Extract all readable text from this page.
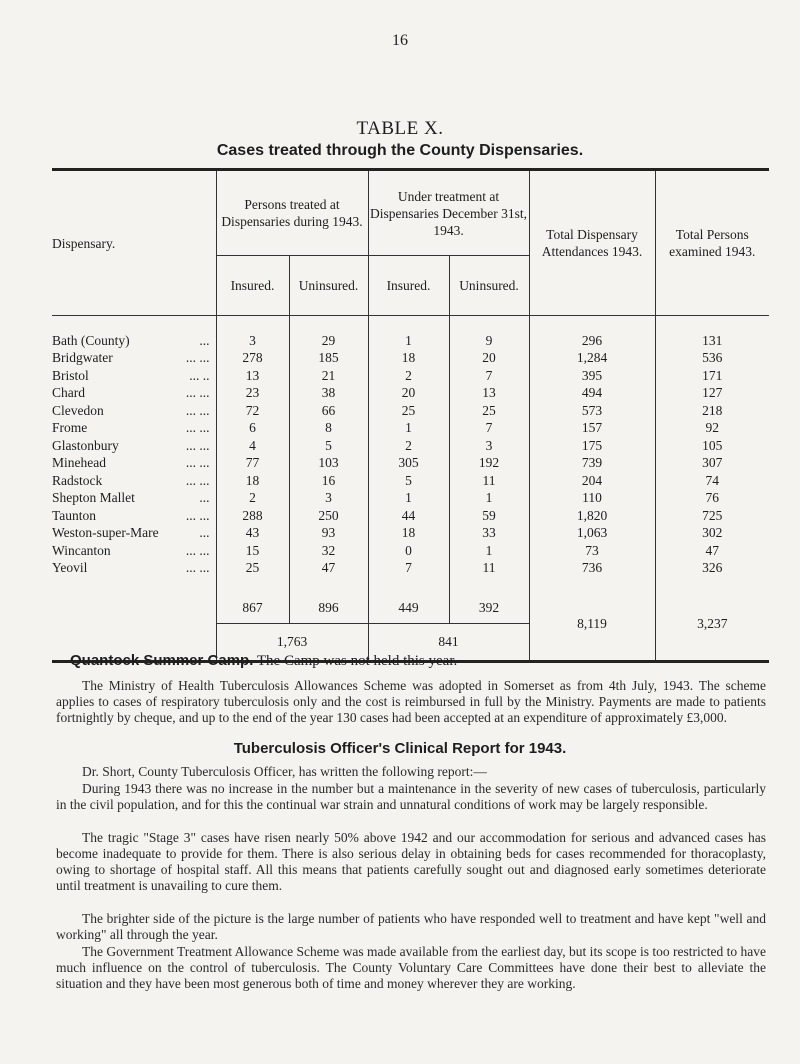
16
TABLE X.
Cases treated through the County Dispensaries.
Dispensary.	Persons treated at Dispensaries during 1943.		Under treatment at Dispensaries December 31st, 1943.		Total Dispensary Attendances 1943.	Total Persons examined 1943.
	Insured.	Uninsured.	Insured.	Uninsured.		
Bath (County) ...	3	29	1	9	296	131
Bridgwater ... ...	278	185	18	20	1,284	536
Bristol ... ..	13	21	2	7	395	171
Chard ... ...	23	38	20	13	494	127
Clevedon ... ...	72	66	25	25	573	218
Frome ... ...	6	8	1	7	157	92
Glastonbury ... ...	4	5	2	3	175	105
Minehead ... ...	77	103	305	192	739	307
Radstock ... ...	18	16	5	11	204	74
Shepton Mallet ...	2	3	1	1	110	76
Taunton ... ...	288	250	44	59	1,820	725
Weston-super-Mare ...	43	93	18	33	1,063	302
Wincanton ... ...	15	32	0	1	73	47
Yeovil ... ...	25	47	7	11	736	326
	867	896	449	392	8,119	3,237
	1,763		841			
Quantock Summer Camp. The Camp was not held this year.
The Ministry of Health Tuberculosis Allowances Scheme was adopted in Somerset as from 4th July, 1943. The scheme applies to cases of respiratory tuberculosis only and the cost is reimbursed in full by the Ministry. Payments are made to patients fortnightly by cheque, and up to the end of the year 130 cases had been accepted at an expenditure of approximately £3,000.
Tuberculosis Officer's Clinical Report for 1943.
Dr. Short, County Tuberculosis Officer, has written the following report:—
During 1943 there was no increase in the number but a maintenance in the severity of new cases of tuberculosis, particularly in the civil population, and for this the continual war strain and unnatural conditions of work may be largely responsible.
The tragic "Stage 3" cases have risen nearly 50% above 1942 and our accommodation for serious and advanced cases has become inadequate to provide for them. There is also serious delay in obtaining beds for cases recommended for thoracoplasty, owing to shortage of hospital staff. All this means that patients carefully sought out and diagnosed early sometimes deteriorate until treatment is unavailing to cure them.
The brighter side of the picture is the large number of patients who have responded well to treatment and have kept "well and working" all through the year.
The Government Treatment Allowance Scheme was made available from the earliest day, but its scope is too restricted to have much influence on the control of tuberculosis. The County Voluntary Care Committees have done their best to alleviate the situation and they have been most generous both of time and money wherever they are working.
